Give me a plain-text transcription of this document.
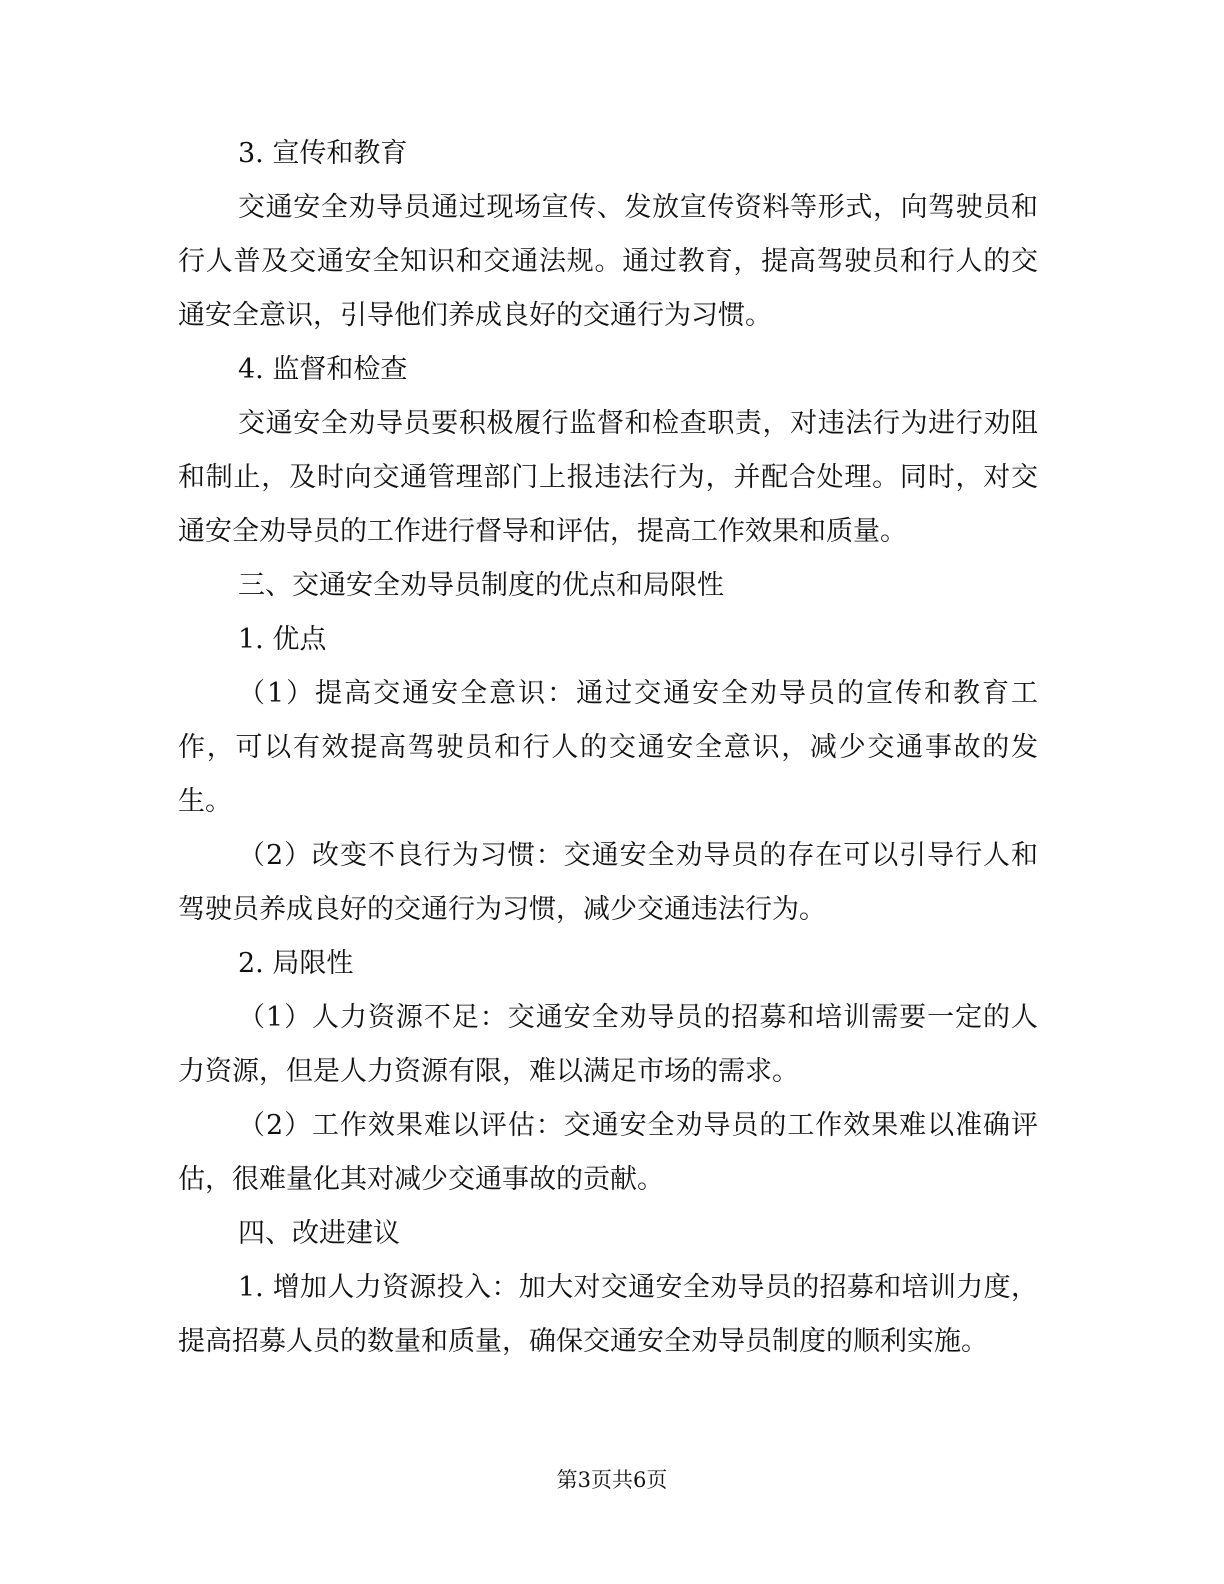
3. 宣传和教育

交通安全劝导员通过现场宣传、发放宣传资料等形式，向驾驶员和行人普及交通安全知识和交通法规。通过教育，提高驾驶员和行人的交通安全意识，引导他们养成良好的交通行为习惯。

4. 监督和检查

交通安全劝导员要积极履行监督和检查职责，对违法行为进行劝阻和制止，及时向交通管理部门上报违法行为，并配合处理。同时，对交通安全劝导员的工作进行督导和评估，提高工作效果和质量。

三、交通安全劝导员制度的优点和局限性

1. 优点

（1）提高交通安全意识：通过交通安全劝导员的宣传和教育工作，可以有效提高驾驶员和行人的交通安全意识，减少交通事故的发生。

（2）改变不良行为习惯：交通安全劝导员的存在可以引导行人和驾驶员养成良好的交通行为习惯，减少交通违法行为。

2. 局限性

（1）人力资源不足：交通安全劝导员的招募和培训需要一定的人力资源，但是人力资源有限，难以满足市场的需求。

（2）工作效果难以评估：交通安全劝导员的工作效果难以准确评估，很难量化其对减少交通事故的贡献。

四、改进建议

1. 增加人力资源投入：加大对交通安全劝导员的招募和培训力度，提高招募人员的数量和质量，确保交通安全劝导员制度的顺利实施。

第3页共6页
